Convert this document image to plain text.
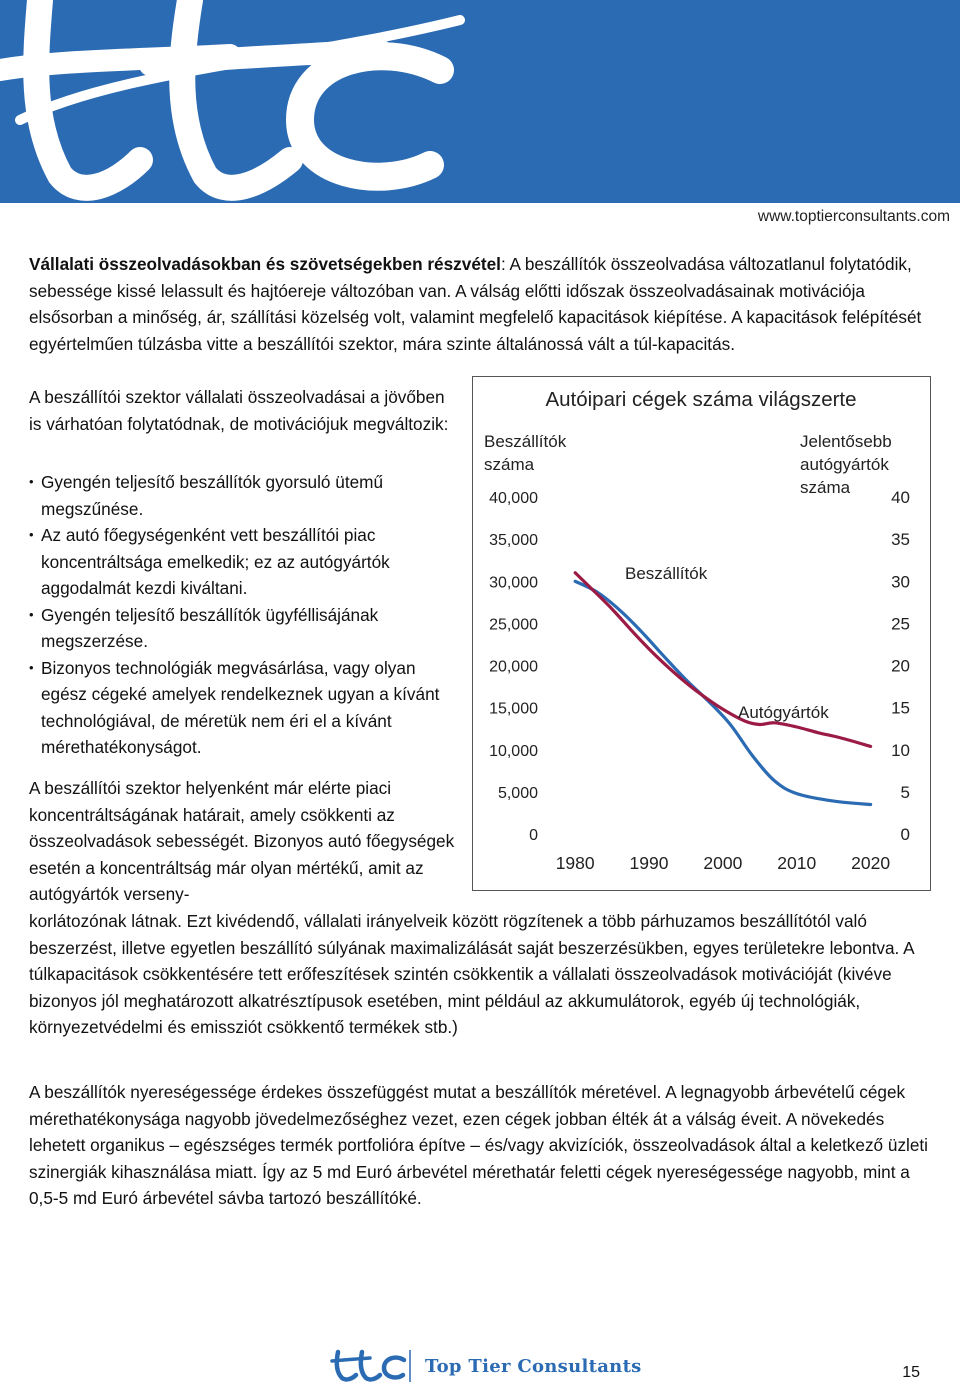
www.toptierconsultants.com

Vállalati összeolvadásokban és szövetségekben részvétel: A beszállítók összeolvadása változatlanul folytatódik, sebessége kissé lelassult és hajtóereje változóban van. A válság előtti időszak összeolvadásainak motivációja elsősorban a minőség, ár, szállítási közelség volt, valamint megfelelő kapacitások kiépítése. A kapacitások felépítését egyértelműen túlzásba vitte a beszállítói szektor, mára szinte általánossá vált a túl-kapacitás.

A beszállítói szektor vállalati összeolvadásai a jövőben is várhatóan folytatódnak, de motivációjuk megváltozik:

• Gyengén teljesítő beszállítók gyorsuló ütemű megszűnése.
• Az autó főegységenként vett beszállítói piac koncentráltsága emelkedik; ez az autógyártók aggodalmát kezdi kiváltani.
• Gyengén teljesítő beszállítók ügyféllisájának megszerzése.
• Bizonyos technológiák megvásárlása, vagy olyan egész cégeké amelyek rendelkeznek ugyan a kívánt technológiával, de méretük nem éri el a kívánt mérethatékonyságot.

A beszállítói szektor helyenként már elérte piaci koncentráltságának határait, amely csökkenti az összeolvadások sebességét. Bizonyos autó főegységek esetén a koncentráltság már olyan mértékű, amit az autógyártók verseny-

korlátozónak látnak. Ezt kivédendő, vállalati irányelveik között rögzítenek a több párhuzamos beszállítótól való beszerzést, illetve egyetlen beszállító súlyának maximalizálását saját beszerzésükben, egyes területekre lebontva. A túlkapacitások csökkentésére tett erőfeszítések szintén csökkentik a vállalati összeolvadások motivációját (kivéve bizonyos jól meghatározott alkatrésztípusok esetében, mint például az akkumulátorok, egyéb új technológiák, környezetvédelmi és emissziót csökkentő termékek stb.)

A beszállítók nyereségessége érdekes összefüggést mutat a beszállítók méretével. A legnagyobb árbevételű cégek mérethatékonysága nagyobb jövedelmezőséghez vezet, ezen cégek jobban élték át a válság éveit. A növekedés lehetett organikus – egészséges termék portfolióra építve – és/vagy akvizíciók, összeolvadások által a keletkező üzleti szinergiák kihasználása miatt. Így az 5 md Euró árbevétel mérethatár feletti cégek nyereségessége nagyobb, mint a 0,5-5 md Euró árbevétel sávba tartozó beszállítóké.

Autóipari cégek száma világszerte
Beszállítók
száma
Jelentősebb
autógyártók
száma
40,000
35,000
30,000
25,000
20,000
15,000
10,000
5,000
0
40
35
30
25
20
15
10
5
0
1980 1990 2000 2010 2020
Beszállítók
Autógyártók
Top Tier Consultants	15
